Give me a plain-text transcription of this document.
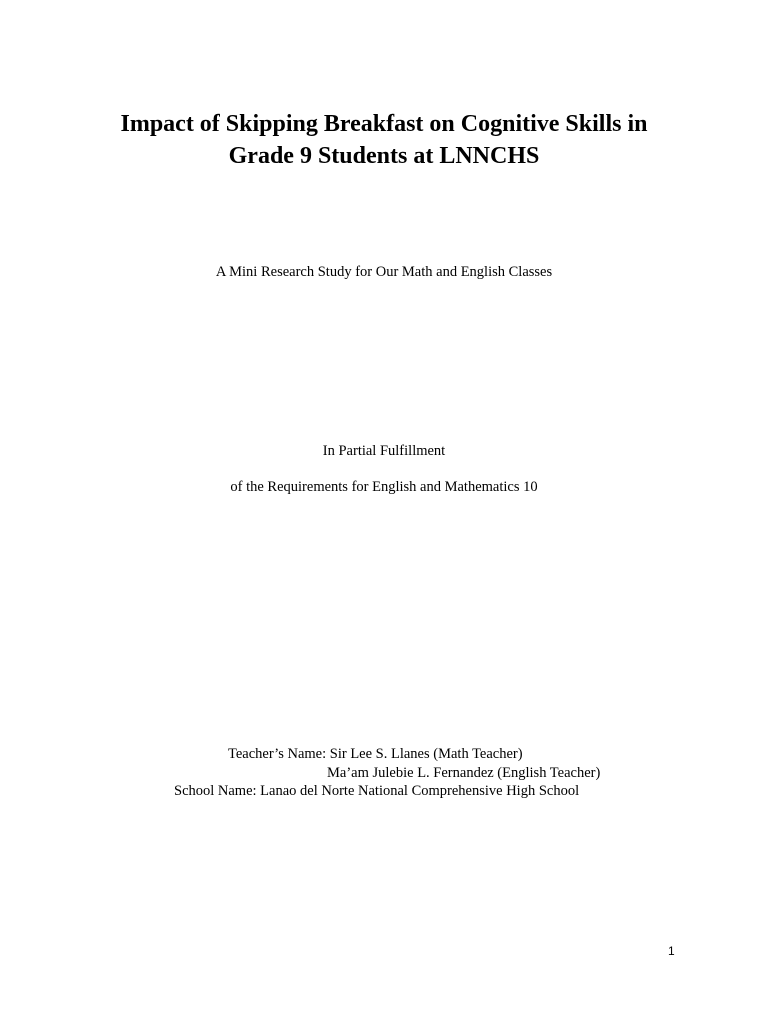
Impact of Skipping Breakfast on Cognitive Skills in
Grade 9 Students at LNNCHS

A Mini Research Study for Our Math and English Classes

In Partial Fulfillment

of the Requirements for English and Mathematics 10

Teacher’s Name: Sir Lee S. Llanes (Math Teacher)
Ma’am Julebie L. Fernandez (English Teacher)
School Name: Lanao del Norte National Comprehensive High School
1
